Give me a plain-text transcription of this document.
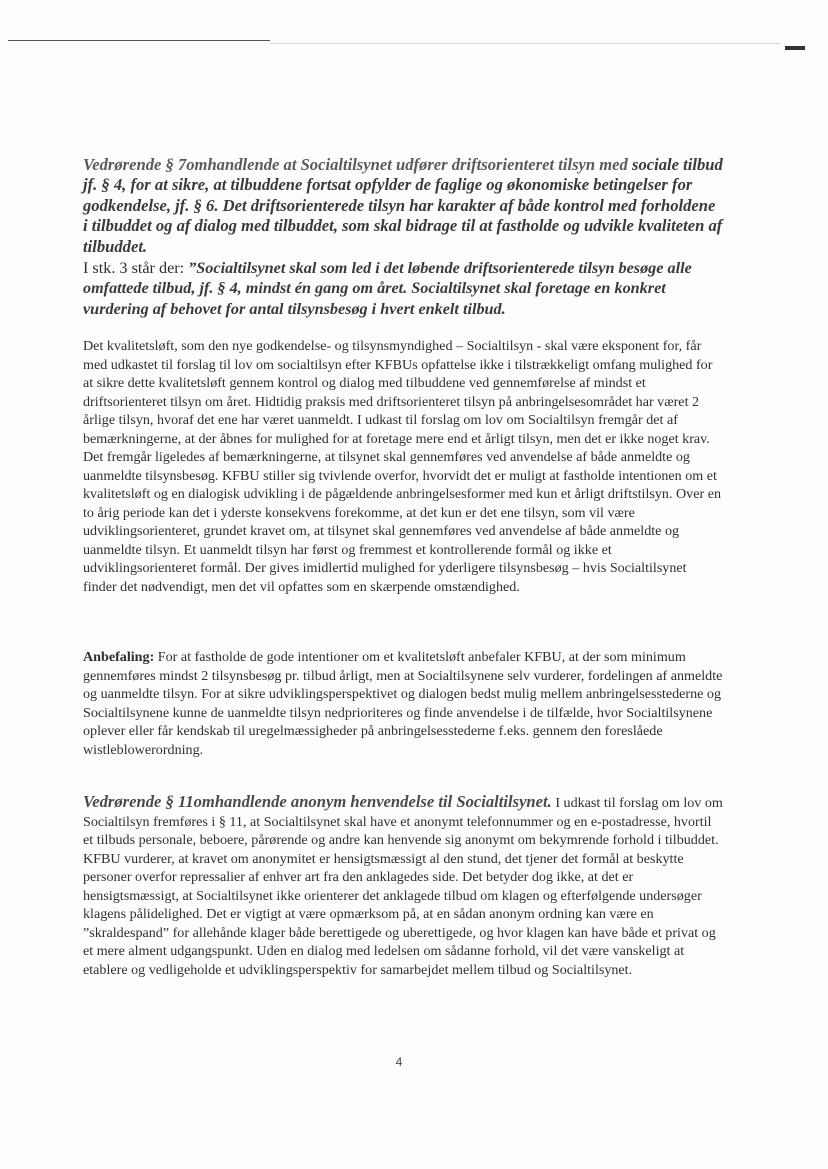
Vedrørende § 7omhandlende at Socialtilsynet udfører driftsorienteret tilsyn med sociale tilbud jf. § 4, for at sikre, at tilbuddene fortsat opfylder de faglige og økonomiske betingelser for godkendelse, jf. § 6. Det driftsorienterede tilsyn har karakter af både kontrol med forholdene i tilbuddet og af dialog med tilbuddet, som skal bidrage til at fastholde og udvikle kvaliteten af tilbuddet.
I stk. 3 står der: ”Socialtilsynet skal som led i det løbende driftsorienterede tilsyn besøge alle omfattede tilbud, jf. § 4, mindst én gang om året. Socialtilsynet skal foretage en konkret vurdering af behovet for antal tilsynsbesøg i hvert enkelt tilbud.
Det kvalitetsløft, som den nye godkendelse- og tilsynsmyndighed – Socialtilsyn - skal være eksponent for, får med udkastet til forslag til lov om socialtilsyn efter KFBUs opfattelse ikke i tilstrækkeligt omfang mulighed for at sikre dette kvalitetsløft gennem kontrol og dialog med tilbuddene ved gennemførelse af mindst et driftsorienteret tilsyn om året. Hidtidig praksis med driftsorienteret tilsyn på anbringelsesområdet har været 2 årlige tilsyn, hvoraf det ene har været uanmeldt. I udkast til forslag om lov om Socialtilsyn fremgår det af bemærkningerne, at der åbnes for mulighed for at foretage mere end et årligt tilsyn, men det er ikke noget krav. Det fremgår ligeledes af bemærkningerne, at tilsynet skal gennemføres ved anvendelse af både anmeldte og uanmeldte tilsynsbesøg. KFBU stiller sig tvivlende overfor, hvorvidt det er muligt at fastholde intentionen om et kvalitetsløft og en dialogisk udvikling i de pågældende anbringelsesformer med kun et årligt driftstilsyn. Over en to årig periode kan det i yderste konsekvens forekomme, at det kun er det ene tilsyn, som vil være udviklingsorienteret, grundet kravet om, at tilsynet skal gennemføres ved anvendelse af både anmeldte og uanmeldte tilsyn. Et uanmeldt tilsyn har først og fremmest et kontrollerende formål og ikke et udviklingsorienteret formål. Der gives imidlertid mulighed for yderligere tilsynsbesøg – hvis Socialtilsynet finder det nødvendigt, men det vil opfattes som en skærpende omstændighed.
Anbefaling: For at fastholde de gode intentioner om et kvalitetsløft anbefaler KFBU, at der som minimum gennemføres mindst 2 tilsynsbesøg pr. tilbud årligt, men at Socialtilsynene selv vurderer, fordelingen af anmeldte og uanmeldte tilsyn. For at sikre udviklingsperspektivet og dialogen bedst mulig mellem anbringelsesstederne og Socialtilsynene kunne de uanmeldte tilsyn nedprioriteres og finde anvendelse i de tilfælde, hvor Socialtilsynene oplever eller får kendskab til uregelmæssigheder på anbringelsesstederne f.eks. gennem den foreslåede wistleblowerordning.
Vedrørende § 11omhandlende anonym henvendelse til Socialtilsynet. I udkast til forslag om lov om Socialtilsyn fremføres i § 11, at Socialtilsynet skal have et anonymt telefonnummer og en e-postadresse, hvortil et tilbuds personale, beboere, pårørende og andre kan henvende sig anonymt om bekymrende forhold i tilbuddet.
KFBU vurderer, at kravet om anonymitet er hensigtsmæssigt al den stund, det tjener det formål at beskytte personer overfor repressalier af enhver art fra den anklagedes side. Det betyder dog ikke, at det er hensigtsmæssigt, at Socialtilsynet ikke orienterer det anklagede tilbud om klagen og efterfølgende undersøger klagens pålidelighed. Det er vigtigt at være opmærksom på, at en sådan anonym ordning kan være en ”skraldespand” for allehånde klager både berettigede og uberettigede, og hvor klagen kan have både et privat og et mere alment udgangspunkt. Uden en dialog med ledelsen om sådanne forhold, vil det være vanskeligt at etablere og vedligeholde et udviklingsperspektiv for samarbejdet mellem tilbud og Socialtilsynet.
4
